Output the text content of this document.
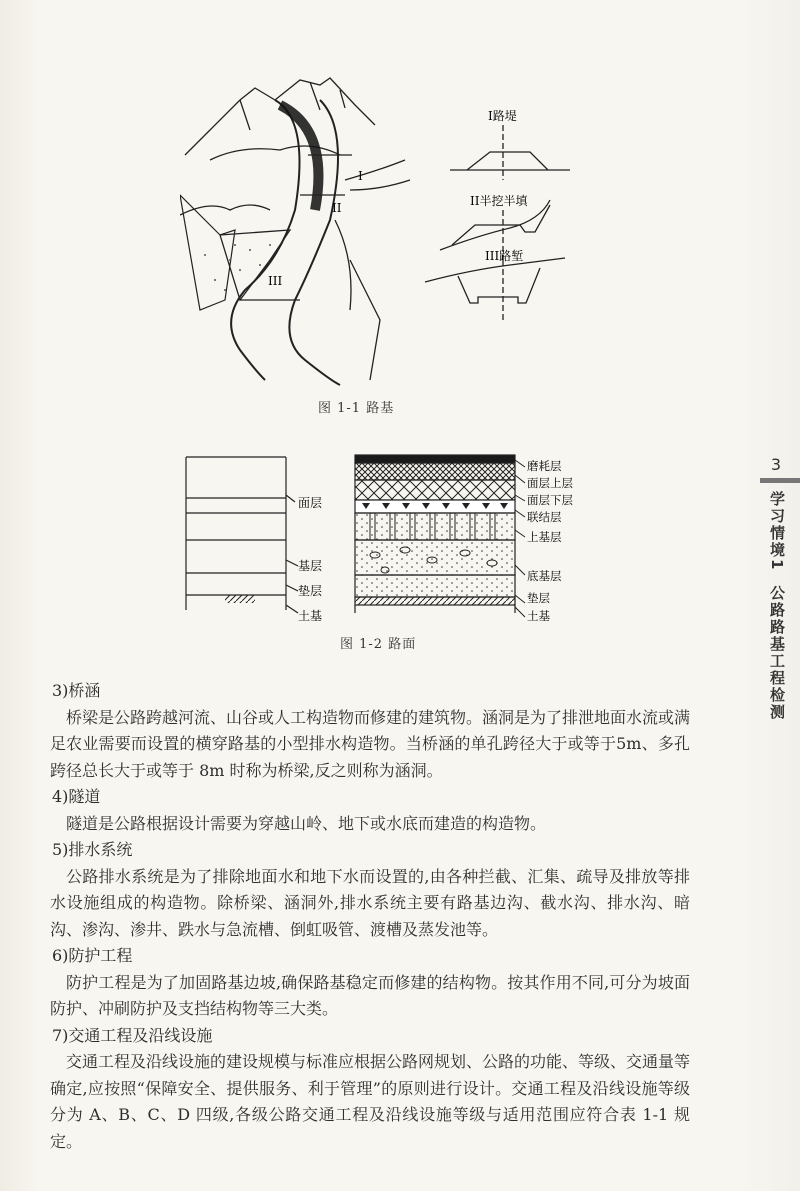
I
II
III
I路堤
II半挖半填
III路堑
图 1-1 路基
面层
基层
垫层
土基
磨耗层
面层上层
面层下层
联结层
上基层
底基层
垫层
土基
图 1-2 路面
3
学习情境1
公路路基工程检测

3)桥涵

桥梁是公路跨越河流、山谷或人工构造物而修建的建筑物。涵洞是为了排泄地面水流或满足农业需要而设置的横穿路基的小型排水构造物。当桥涵的单孔跨径大于或等于5m、多孔跨径总长大于或等于 8m 时称为桥梁,反之则称为涵洞。

4)隧道

隧道是公路根据设计需要为穿越山岭、地下或水底而建造的构造物。

5)排水系统

公路排水系统是为了排除地面水和地下水而设置的,由各种拦截、汇集、疏导及排放等排水设施组成的构造物。除桥梁、涵洞外,排水系统主要有路基边沟、截水沟、排水沟、暗沟、渗沟、渗井、跌水与急流槽、倒虹吸管、渡槽及蒸发池等。

6)防护工程

防护工程是为了加固路基边坡,确保路基稳定而修建的结构物。按其作用不同,可分为坡面防护、冲刷防护及支挡结构物等三大类。

7)交通工程及沿线设施

交通工程及沿线设施的建设规模与标准应根据公路网规划、公路的功能、等级、交通量等确定,应按照“保障安全、提供服务、利于管理”的原则进行设计。交通工程及沿线设施等级分为 A、B、C、D 四级,各级公路交通工程及沿线设施等级与适用范围应符合表 1-1 规定。
